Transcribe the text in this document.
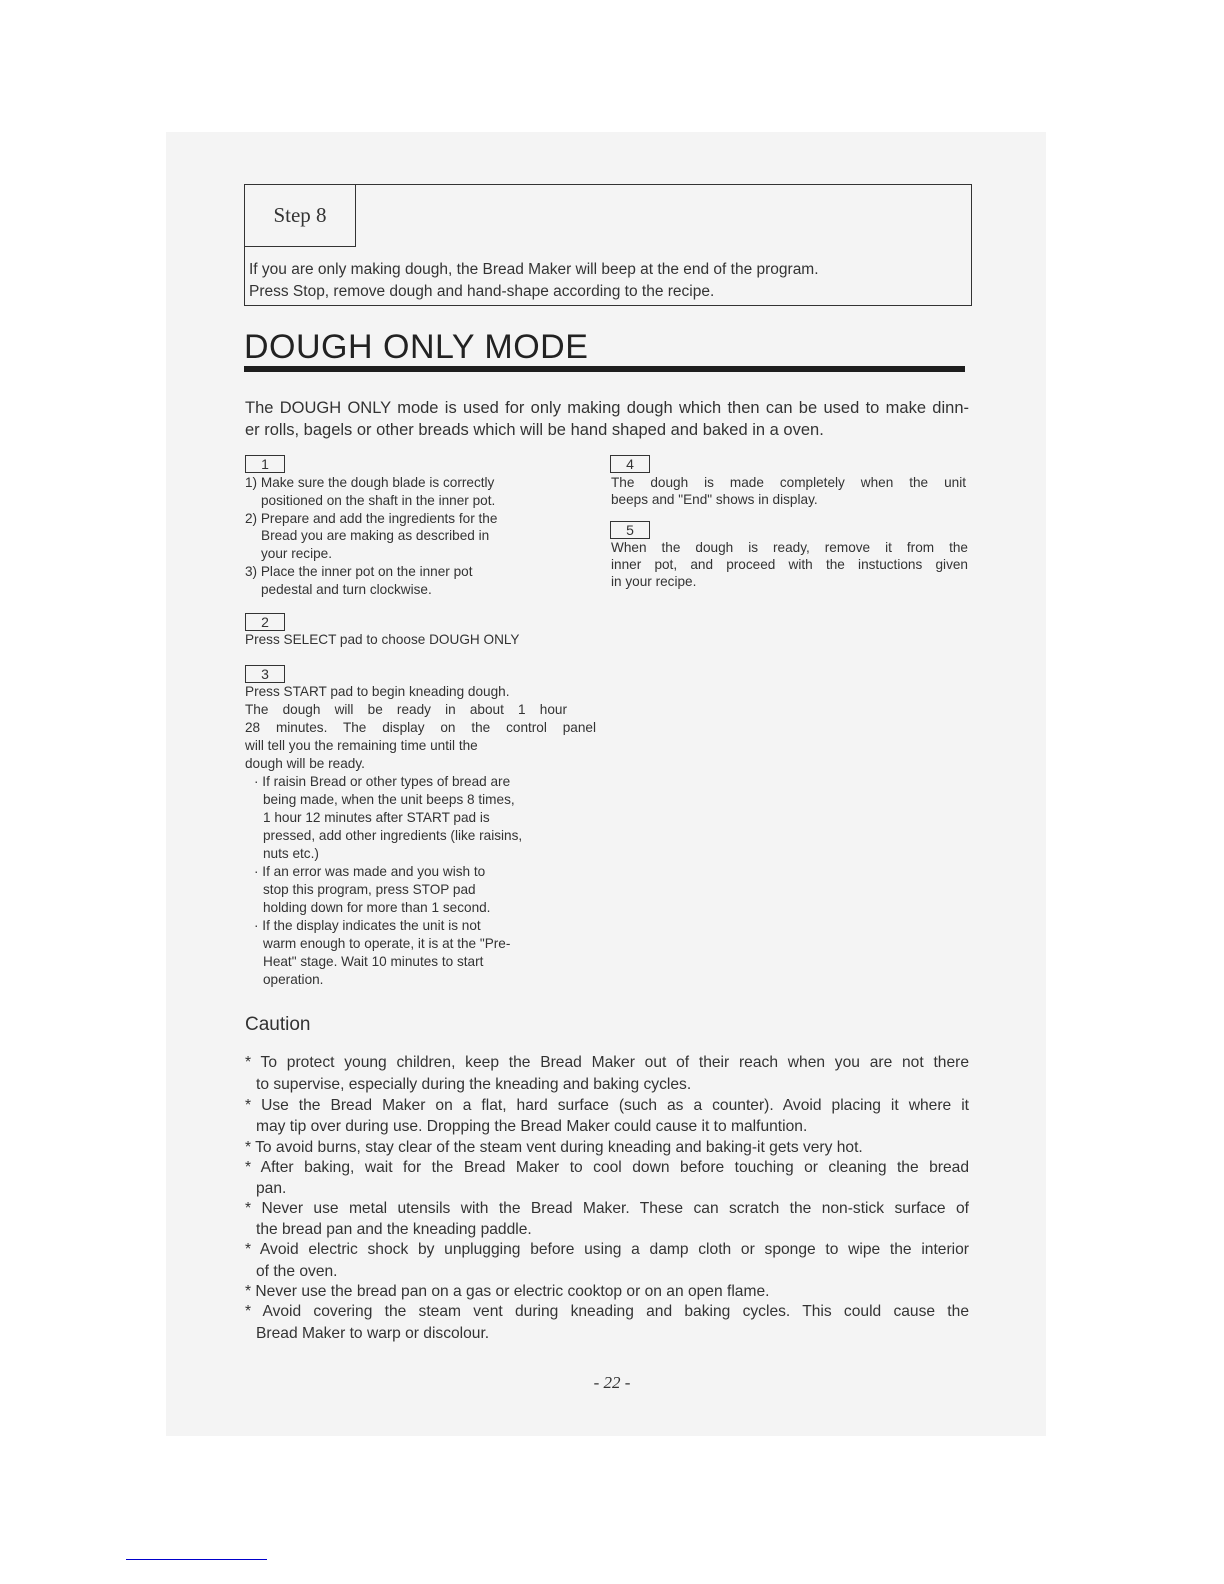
Step 8
If you are only making dough, the Bread Maker will beep at the end of the program.
Press Stop, remove dough and hand-shape according to the recipe.
DOUGH ONLY MODE
The DOUGH ONLY mode is used for only making dough which then can be used to make dinn-
er rolls, bagels or other breads which will be hand shaped and baked in a oven.
1
1) Make sure the dough blade is correctly
positioned on the shaft in the inner pot.
2) Prepare and add the ingredients for the
Bread you are making as described in
your recipe.
3) Place the inner pot on the inner pot
pedestal and turn clockwise.
2
Press SELECT pad to choose DOUGH ONLY
3
Press START pad to begin kneading dough.
The dough will be ready in about 1 hour
28 minutes. The display on the control panel
will tell you the remaining time until the
dough will be ready.
· If raisin Bread or other types of bread are
being made, when the unit beeps 8 times,
1 hour 12 minutes after START pad is
pressed, add other ingredients (like raisins,
nuts etc.)
· If an error was made and you wish to
stop this program, press STOP pad
holding down for more than 1 second.
· If the display indicates the unit is not
warm enough to operate, it is at the "Pre-
Heat" stage. Wait 10 minutes to start
operation.
4
The dough is made completely when the unit
beeps and "End" shows in display.
5
When the dough is ready, remove it from the
inner pot, and proceed with the instuctions given
in your recipe.
Caution
* To protect young children, keep the Bread Maker out of their reach when you are not there
to supervise, especially during the kneading and baking cycles.
* Use the Bread Maker on a flat, hard surface (such as a counter). Avoid placing it where it
may tip over during use. Dropping the Bread Maker could cause it to malfuntion.
* To avoid burns, stay clear of the steam vent during kneading and baking-it gets very hot.
* After baking, wait for the Bread Maker to cool down before touching or cleaning the bread
pan.
* Never use metal utensils with the Bread Maker. These can scratch the non-stick surface of
the bread pan and the kneading paddle.
* Avoid electric shock by unplugging before using a damp cloth or sponge to wipe the interior
of the oven.
* Never use the bread pan on a gas or electric cooktop or on an open flame.
* Avoid covering the steam vent during kneading and baking cycles. This could cause the
Bread Maker to warp or discolour.
- 22 -
